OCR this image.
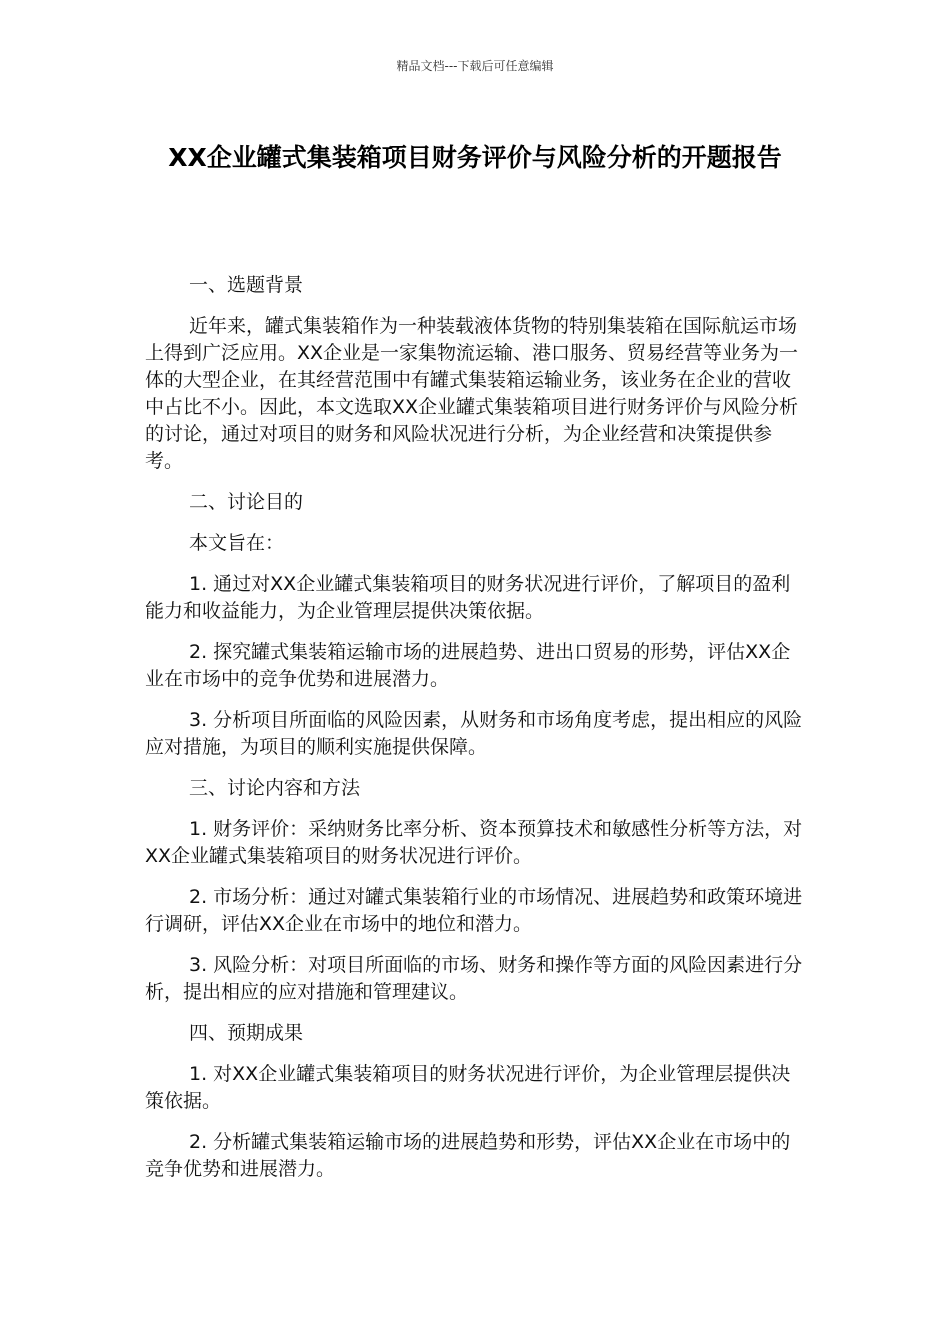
精品文档---下载后可任意编辑
XX企业罐式集装箱项目财务评价与风险分析的开题报告

一、选题背景

近年来，罐式集装箱作为一种装载液体货物的特别集装箱在国际航运市场上得到广泛应用。XX企业是一家集物流运输、港口服务、贸易经营等业务为一体的大型企业，在其经营范围中有罐式集装箱运输业务，该业务在企业的营收中占比不小。因此，本文选取XX企业罐式集装箱项目进行财务评价与风险分析的讨论，通过对项目的财务和风险状况进行分析，为企业经营和决策提供参考。

二、讨论目的

本文旨在：

1. 通过对XX企业罐式集装箱项目的财务状况进行评价，了解项目的盈利能力和收益能力，为企业管理层提供决策依据。

2. 探究罐式集装箱运输市场的进展趋势、进出口贸易的形势，评估XX企业在市场中的竞争优势和进展潜力。

3. 分析项目所面临的风险因素，从财务和市场角度考虑，提出相应的风险应对措施，为项目的顺利实施提供保障。

三、讨论内容和方法

1. 财务评价：采纳财务比率分析、资本预算技术和敏感性分析等方法，对XX企业罐式集装箱项目的财务状况进行评价。

2. 市场分析：通过对罐式集装箱行业的市场情况、进展趋势和政策环境进行调研，评估XX企业在市场中的地位和潜力。

3. 风险分析：对项目所面临的市场、财务和操作等方面的风险因素进行分析，提出相应的应对措施和管理建议。

四、预期成果

1. 对XX企业罐式集装箱项目的财务状况进行评价，为企业管理层提供决策依据。

2. 分析罐式集装箱运输市场的进展趋势和形势，评估XX企业在市场中的竞争优势和进展潜力。
